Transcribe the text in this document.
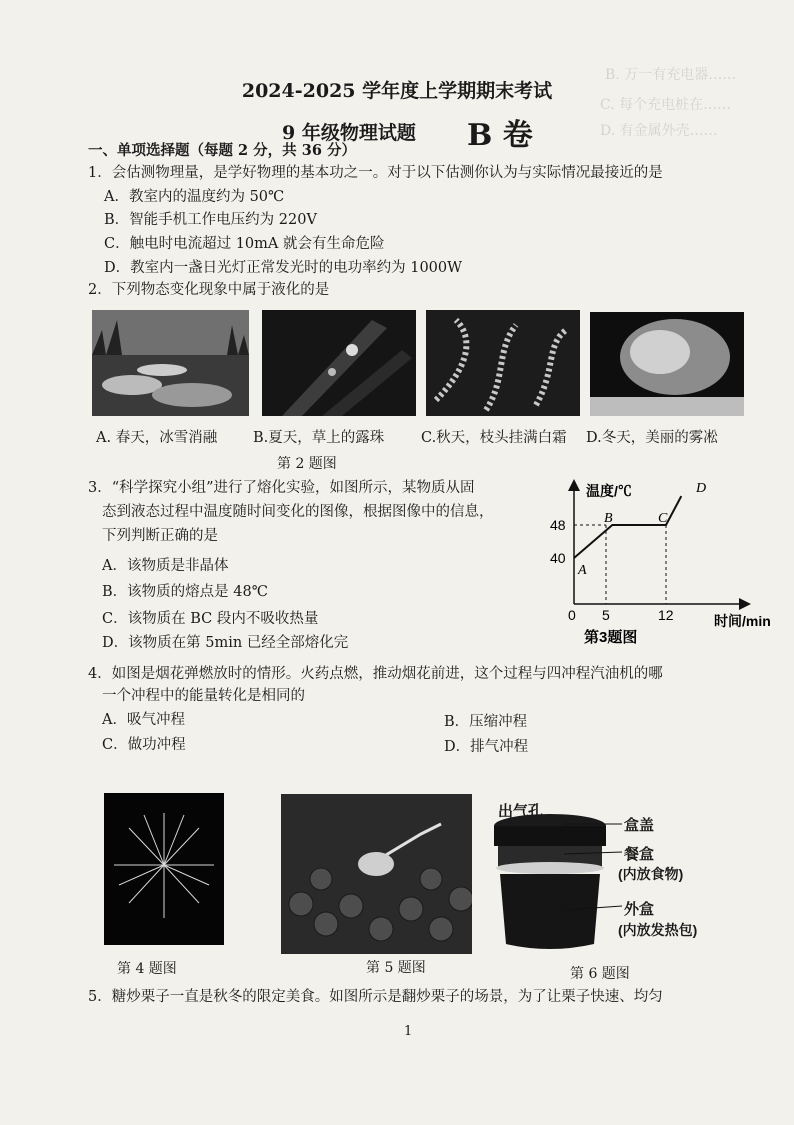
B. 万一有充电器……
C. 每个充电桩在……
D. 有金属外壳……
2024-2025 学年度上学期期末考试
9 年级物理试题 B 卷
一、单项选择题（每题 2 分，共 36 分）
1．会估测物理量，是学好物理的基本功之一。对于以下估测你认为与实际情况最接近的是
A．教室内的温度约为 50℃
B．智能手机工作电压约为 220V
C．触电时电流超过 10mA 就会有生命危险
D．教室内一盏日光灯正常发光时的电功率约为 1000W
2．下列物态变化现象中属于液化的是
A. 春天，冰雪消融 B.夏天，草上的露珠	C.秋天，枝头挂满白霜 D.冬天，美丽的雾凇
第 2 题图
3．“科学探究小组”进行了熔化实验，如图所示，某物质从固
态到液态过程中温度随时间变化的图像，根据图像中的信息，
下列判断正确的是
A．该物质是非晶体
B．该物质的熔点是 48℃
C．该物质在 BC 段内不吸收热量
D．该物质在第 5min 已经全部熔化完
温度/℃
时间/min
0
48
40
5	12
A
B	C
D
第3题图
4．如图是烟花弹燃放时的情形。火药点燃，推动烟花前进，这个过程与四冲程汽油机的哪
一个冲程中的能量转化是相同的
A．吸气冲程	B．压缩冲程
C．做功冲程	D．排气冲程
出气孔
盒盖
餐盒
(内放食物)
外盒
(内放发热包)
第 4 题图	第 5 题图	第 6 题图
5．糖炒栗子一直是秋冬的限定美食。如图所示是翻炒栗子的场景，为了让栗子快速、均匀
1
